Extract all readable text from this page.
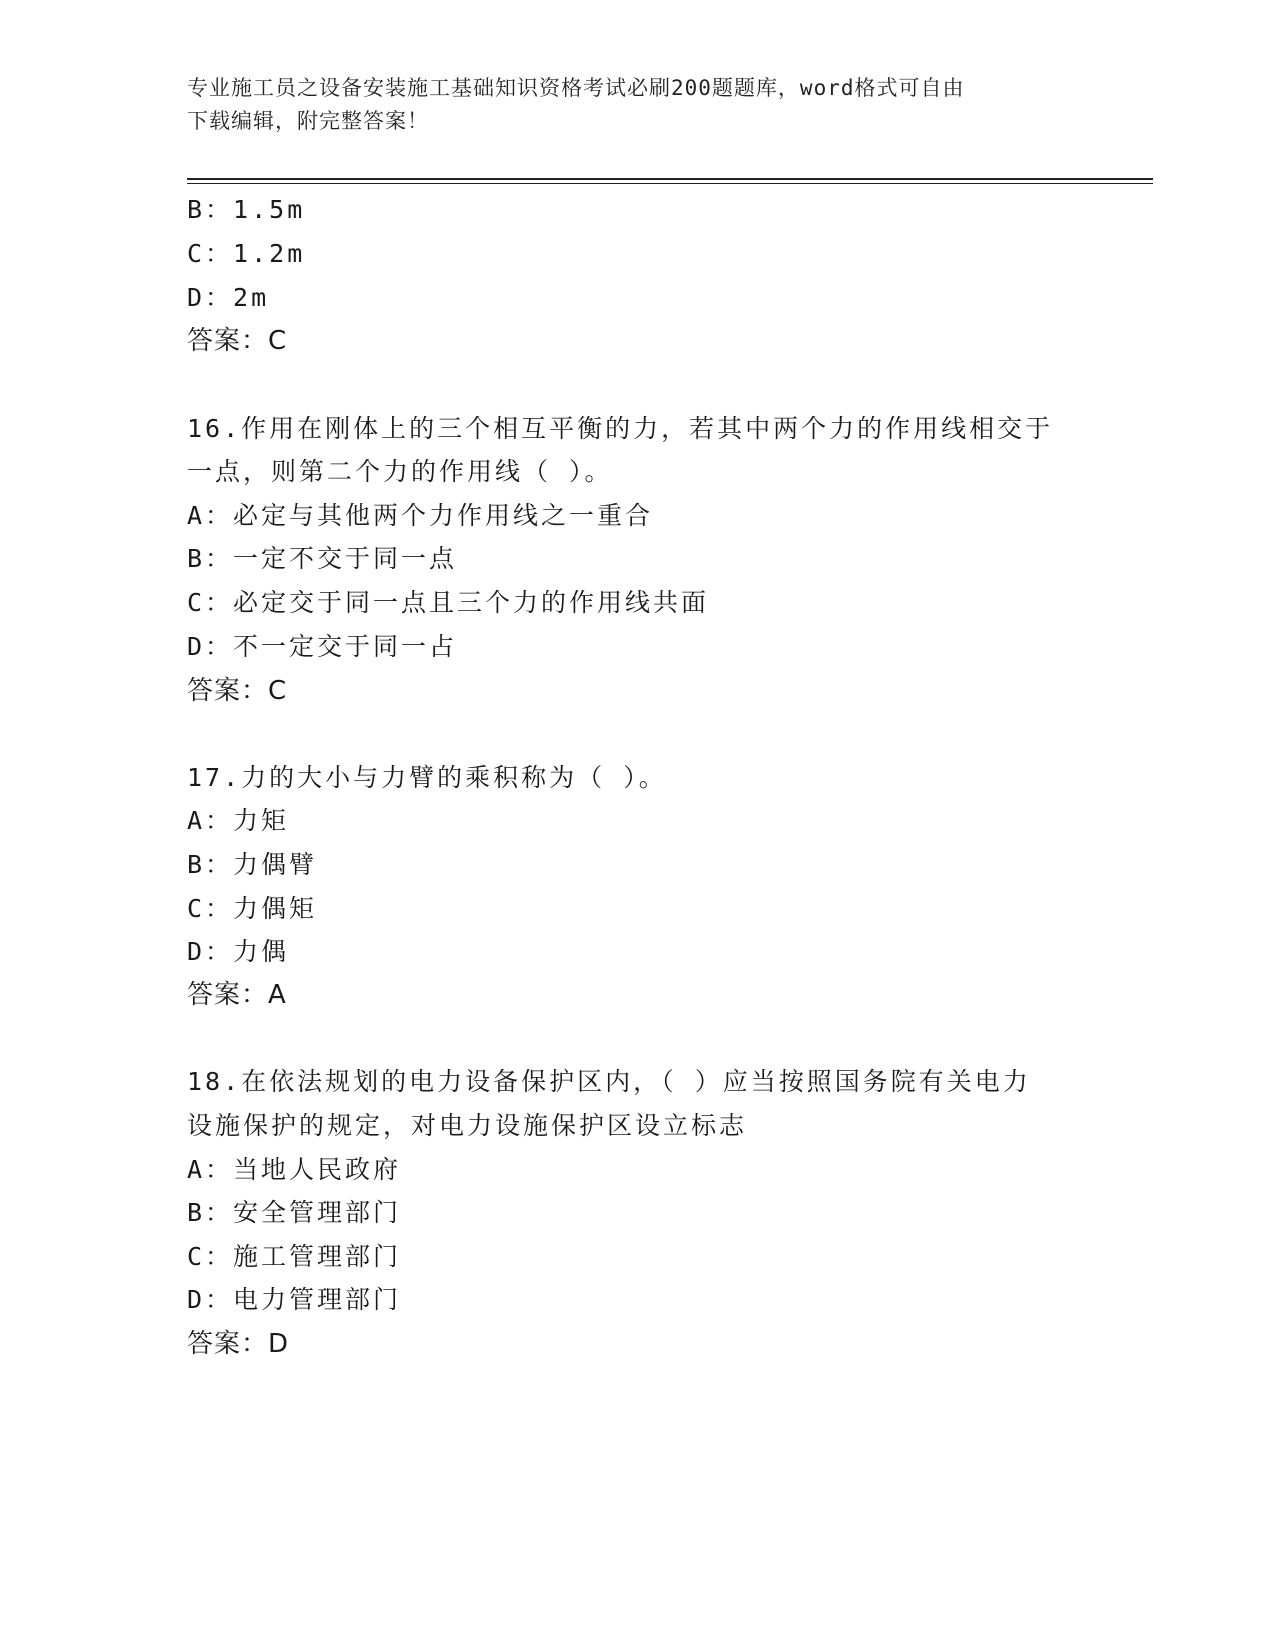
专业施工员之设备安装施工基础知识资格考试必刷200题题库，word格式可自由
下载编辑，附完整答案！
B：1.5m
C：1.2m
D：2m
答案：C
16.作用在刚体上的三个相互平衡的力，若其中两个力的作用线相交于
一点，则第二个力的作用线（ ）。
A：必定与其他两个力作用线之一重合
B：一定不交于同一点
C：必定交于同一点且三个力的作用线共面
D：不一定交于同一占
答案：C
17.力的大小与力臂的乘积称为（ ）。
A：力矩
B：力偶臂
C：力偶矩
D：力偶
答案：A
18.在依法规划的电力设备保护区内，（ ）应当按照国务院有关电力
设施保护的规定，对电力设施保护区设立标志
A：当地人民政府
B：安全管理部门
C：施工管理部门
D：电力管理部门
答案：D
